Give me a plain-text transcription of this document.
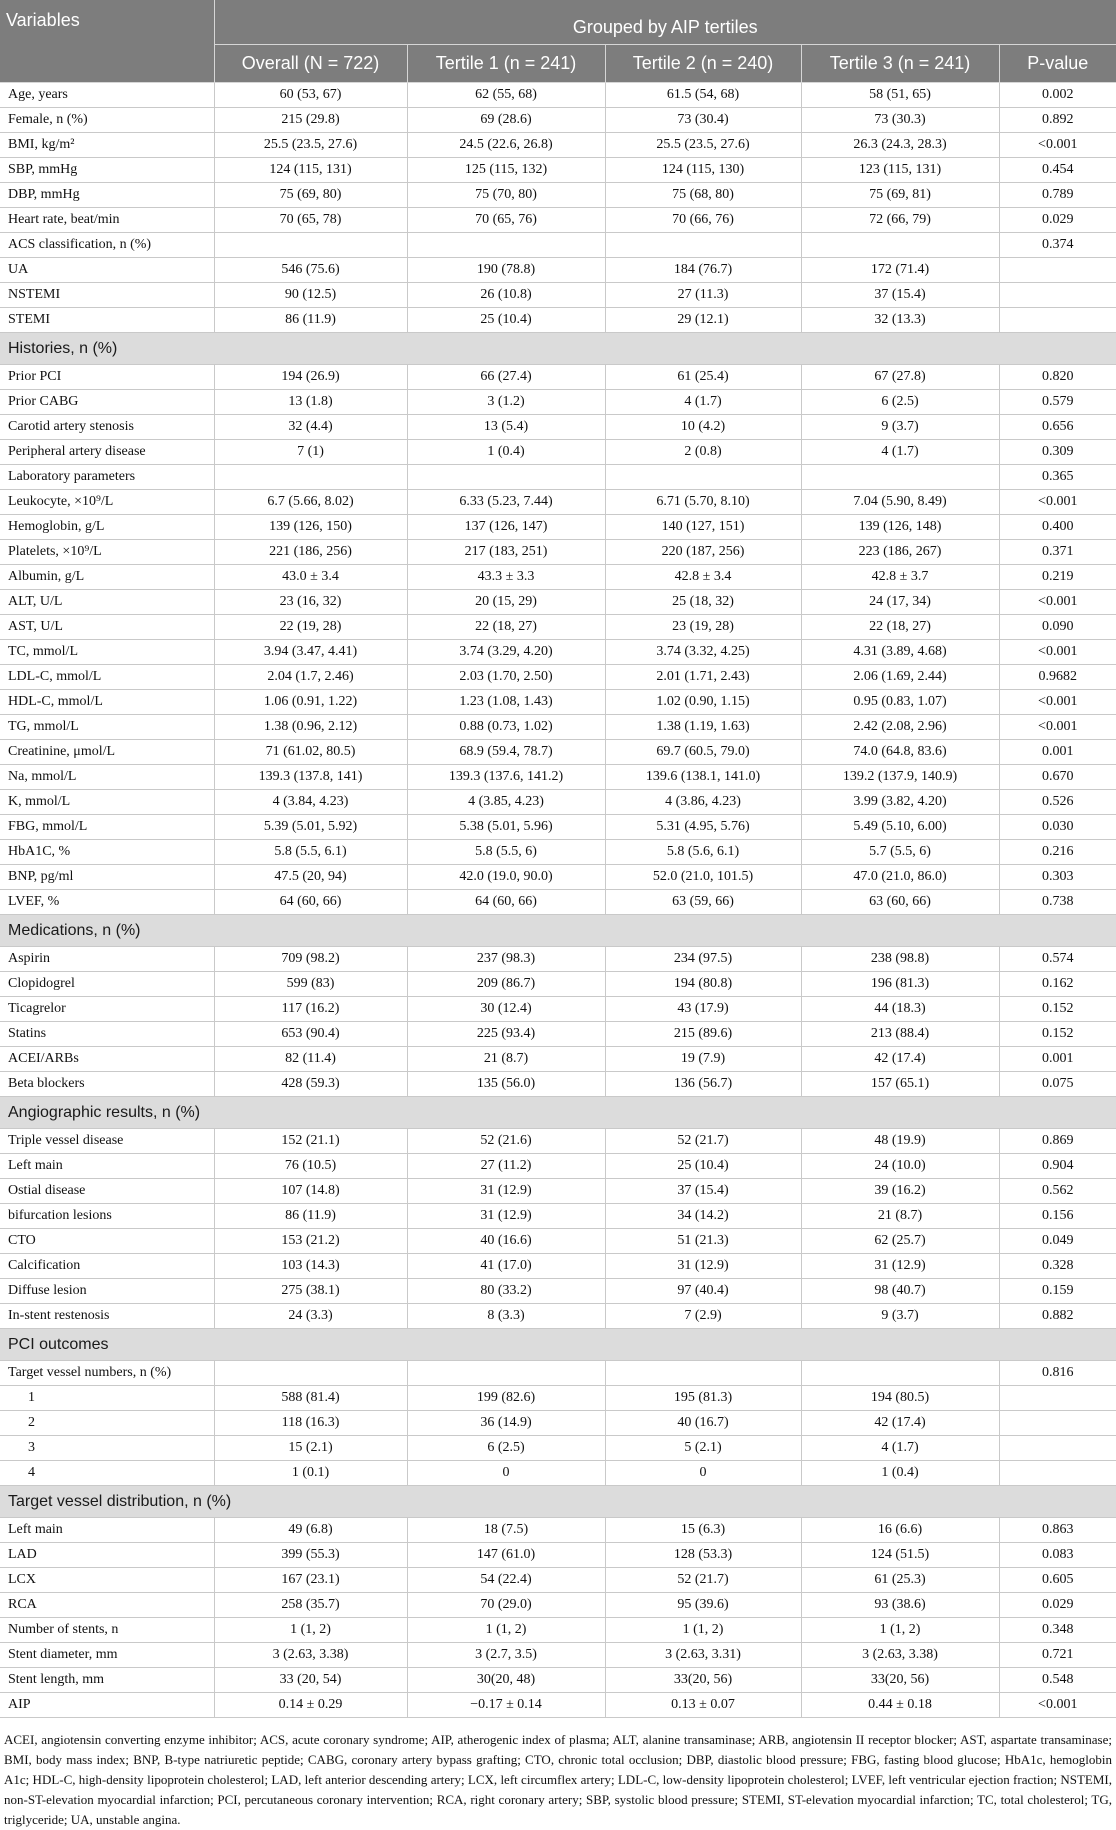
Variables	Grouped by AIP tertiles				
	Overall (N = 722)	Tertile 1 (n = 241)	Tertile 2 (n = 240)	Tertile 3 (n = 241)	P-value
Age, years	60 (53, 67)	62 (55, 68)	61.5 (54, 68)	58 (51, 65)	0.002
Female, n (%)	215 (29.8)	69 (28.6)	73 (30.4)	73 (30.3)	0.892
BMI, kg/m²	25.5 (23.5, 27.6)	24.5 (22.6, 26.8)	25.5 (23.5, 27.6)	26.3 (24.3, 28.3)	<0.001
SBP, mmHg	124 (115, 131)	125 (115, 132)	124 (115, 130)	123 (115, 131)	0.454
DBP, mmHg	75 (69, 80)	75 (70, 80)	75 (68, 80)	75 (69, 81)	0.789
Heart rate, beat/min	70 (65, 78)	70 (65, 76)	70 (66, 76)	72 (66, 79)	0.029
ACS classification, n (%)					0.374
UA	546 (75.6)	190 (78.8)	184 (76.7)	172 (71.4)	
NSTEMI	90 (12.5)	26 (10.8)	27 (11.3)	37 (15.4)	
STEMI	86 (11.9)	25 (10.4)	29 (12.1)	32 (13.3)	
Histories, n (%)					
Prior PCI	194 (26.9)	66 (27.4)	61 (25.4)	67 (27.8)	0.820
Prior CABG	13 (1.8)	3 (1.2)	4 (1.7)	6 (2.5)	0.579
Carotid artery stenosis	32 (4.4)	13 (5.4)	10 (4.2)	9 (3.7)	0.656
Peripheral artery disease	7 (1)	1 (0.4)	2 (0.8)	4 (1.7)	0.309
Laboratory parameters					0.365
Leukocyte, ×10⁹/L	6.7 (5.66, 8.02)	6.33 (5.23, 7.44)	6.71 (5.70, 8.10)	7.04 (5.90, 8.49)	<0.001
Hemoglobin, g/L	139 (126, 150)	137 (126, 147)	140 (127, 151)	139 (126, 148)	0.400
Platelets, ×10⁹/L	221 (186, 256)	217 (183, 251)	220 (187, 256)	223 (186, 267)	0.371
Albumin, g/L	43.0 ± 3.4	43.3 ± 3.3	42.8 ± 3.4	42.8 ± 3.7	0.219
ALT, U/L	23 (16, 32)	20 (15, 29)	25 (18, 32)	24 (17, 34)	<0.001
AST, U/L	22 (19, 28)	22 (18, 27)	23 (19, 28)	22 (18, 27)	0.090
TC, mmol/L	3.94 (3.47, 4.41)	3.74 (3.29, 4.20)	3.74 (3.32, 4.25)	4.31 (3.89, 4.68)	<0.001
LDL-C, mmol/L	2.04 (1.7, 2.46)	2.03 (1.70, 2.50)	2.01 (1.71, 2.43)	2.06 (1.69, 2.44)	0.9682
HDL-C, mmol/L	1.06 (0.91, 1.22)	1.23 (1.08, 1.43)	1.02 (0.90, 1.15)	0.95 (0.83, 1.07)	<0.001
TG, mmol/L	1.38 (0.96, 2.12)	0.88 (0.73, 1.02)	1.38 (1.19, 1.63)	2.42 (2.08, 2.96)	<0.001
Creatinine, μmol/L	71 (61.02, 80.5)	68.9 (59.4, 78.7)	69.7 (60.5, 79.0)	74.0 (64.8, 83.6)	0.001
Na, mmol/L	139.3 (137.8, 141)	139.3 (137.6, 141.2)	139.6 (138.1, 141.0)	139.2 (137.9, 140.9)	0.670
K, mmol/L	4 (3.84, 4.23)	4 (3.85, 4.23)	4 (3.86, 4.23)	3.99 (3.82, 4.20)	0.526
FBG, mmol/L	5.39 (5.01, 5.92)	5.38 (5.01, 5.96)	5.31 (4.95, 5.76)	5.49 (5.10, 6.00)	0.030
HbA1C, %	5.8 (5.5, 6.1)	5.8 (5.5, 6)	5.8 (5.6, 6.1)	5.7 (5.5, 6)	0.216
BNP, pg/ml	47.5 (20, 94)	42.0 (19.0, 90.0)	52.0 (21.0, 101.5)	47.0 (21.0, 86.0)	0.303
LVEF, %	64 (60, 66)	64 (60, 66)	63 (59, 66)	63 (60, 66)	0.738
Medications, n (%)					
Aspirin	709 (98.2)	237 (98.3)	234 (97.5)	238 (98.8)	0.574
Clopidogrel	599 (83)	209 (86.7)	194 (80.8)	196 (81.3)	0.162
Ticagrelor	117 (16.2)	30 (12.4)	43 (17.9)	44 (18.3)	0.152
Statins	653 (90.4)	225 (93.4)	215 (89.6)	213 (88.4)	0.152
ACEI/ARBs	82 (11.4)	21 (8.7)	19 (7.9)	42 (17.4)	0.001
Beta blockers	428 (59.3)	135 (56.0)	136 (56.7)	157 (65.1)	0.075
Angiographic results, n (%)					
Triple vessel disease	152 (21.1)	52 (21.6)	52 (21.7)	48 (19.9)	0.869
Left main	76 (10.5)	27 (11.2)	25 (10.4)	24 (10.0)	0.904
Ostial disease	107 (14.8)	31 (12.9)	37 (15.4)	39 (16.2)	0.562
bifurcation lesions	86 (11.9)	31 (12.9)	34 (14.2)	21 (8.7)	0.156
CTO	153 (21.2)	40 (16.6)	51 (21.3)	62 (25.7)	0.049
Calcification	103 (14.3)	41 (17.0)	31 (12.9)	31 (12.9)	0.328
Diffuse lesion	275 (38.1)	80 (33.2)	97 (40.4)	98 (40.7)	0.159
In-stent restenosis	24 (3.3)	8 (3.3)	7 (2.9)	9 (3.7)	0.882
PCI outcomes					
Target vessel numbers, n (%)					0.816
1	588 (81.4)	199 (82.6)	195 (81.3)	194 (80.5)	
2	118 (16.3)	36 (14.9)	40 (16.7)	42 (17.4)	
3	15 (2.1)	6 (2.5)	5 (2.1)	4 (1.7)	
4	1 (0.1)	0	0	1 (0.4)	
Target vessel distribution, n (%)					
Left main	49 (6.8)	18 (7.5)	15 (6.3)	16 (6.6)	0.863
LAD	399 (55.3)	147 (61.0)	128 (53.3)	124 (51.5)	0.083
LCX	167 (23.1)	54 (22.4)	52 (21.7)	61 (25.3)	0.605
RCA	258 (35.7)	70 (29.0)	95 (39.6)	93 (38.6)	0.029
Number of stents, n	1 (1, 2)	1 (1, 2)	1 (1, 2)	1 (1, 2)	0.348
Stent diameter, mm	3 (2.63, 3.38)	3 (2.7, 3.5)	3 (2.63, 3.31)	3 (2.63, 3.38)	0.721
Stent length, mm	33 (20, 54)	30(20, 48)	33(20, 56)	33(20, 56)	0.548
AIP	0.14 ± 0.29	−0.17 ± 0.14	0.13 ± 0.07	0.44 ± 0.18	<0.001
ACEI, angiotensin converting enzyme inhibitor; ACS, acute coronary syndrome; AIP, atherogenic index of plasma; ALT, alanine transaminase; ARB, angiotensin II receptor blocker; AST, aspartate transaminase; BMI, body mass index; BNP, B-type natriuretic peptide; CABG, coronary artery bypass grafting; CTO, chronic total occlusion; DBP, diastolic blood pressure; FBG, fasting blood glucose; HbA1c, hemoglobin A1c; HDL-C, high-density lipoprotein cholesterol; LAD, left anterior descending artery; LCX, left circumflex artery; LDL-C, low-density lipoprotein cholesterol; LVEF, left ventricular ejection fraction; NSTEMI, non-ST-elevation myocardial infarction; PCI, percutaneous coronary intervention; RCA, right coronary artery; SBP, systolic blood pressure; STEMI, ST-elevation myocardial infarction; TC, total cholesterol; TG, triglyceride; UA, unstable angina.
